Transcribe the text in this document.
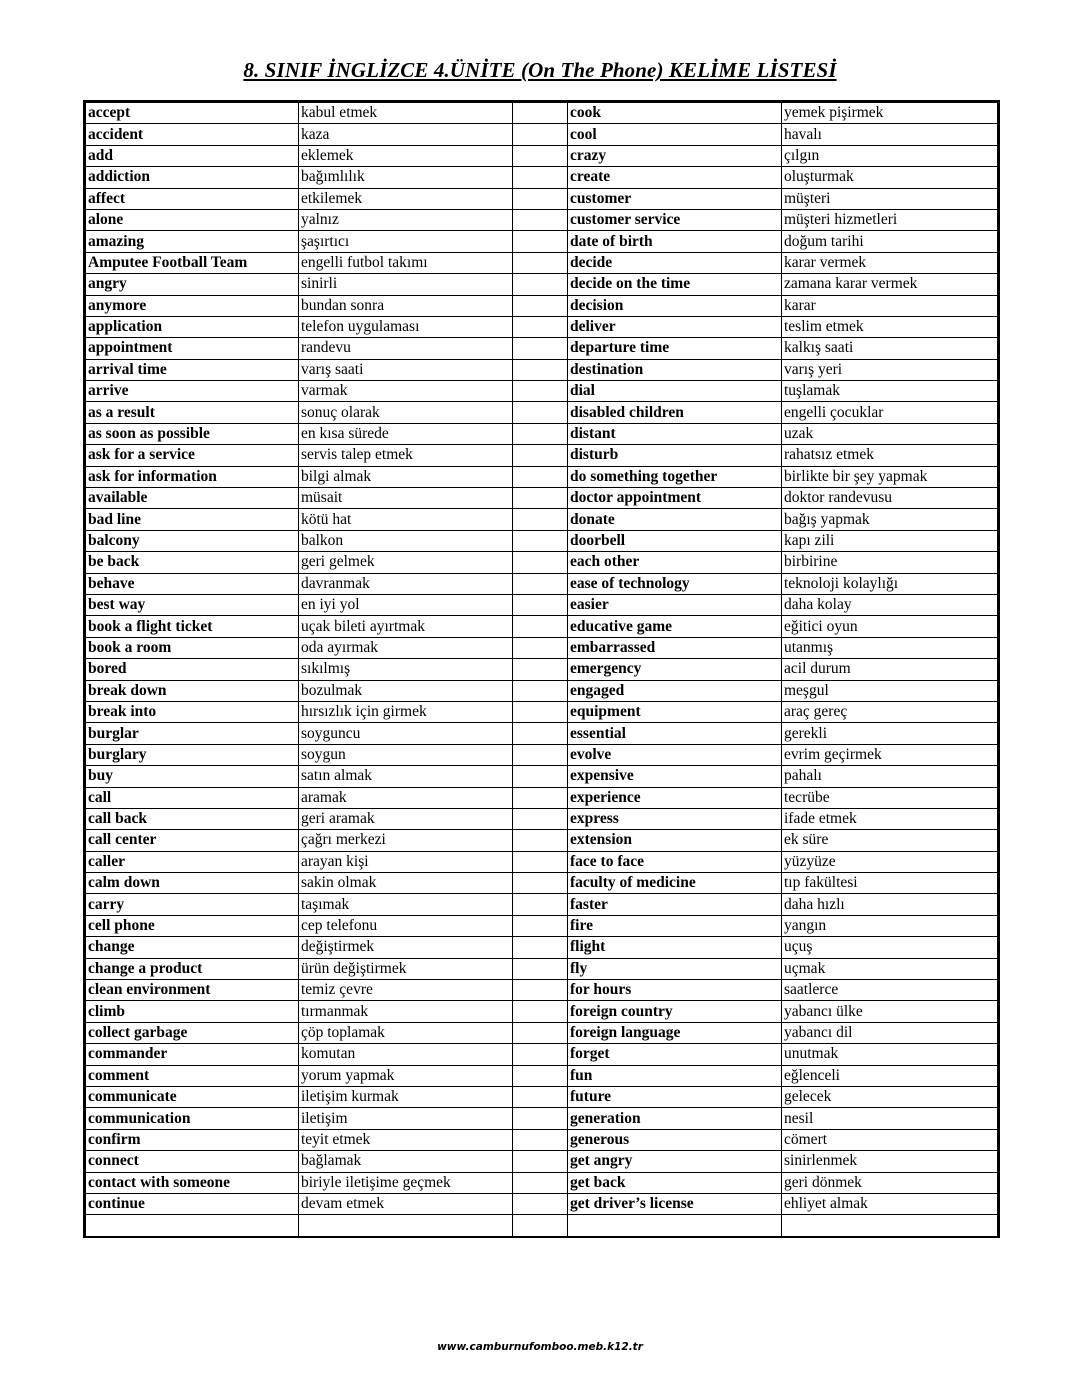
8. SINIF İNGLİZCE 4.ÜNİTE (On The Phone) KELİME LİSTESİ
accept	kabul etmek		cook	yemek pişirmek
accident	kaza		cool	havalı
add	eklemek		crazy	çılgın
addiction	bağımlılık		create	oluşturmak
affect	etkilemek		customer	müşteri
alone	yalnız		customer service	müşteri hizmetleri
amazing	şaşırtıcı		date of birth	doğum tarihi
Amputee Football Team	engelli futbol takımı		decide	karar vermek
angry	sinirli		decide on the time	zamana karar vermek
anymore	bundan sonra		decision	karar
application	telefon uygulaması		deliver	teslim etmek
appointment	randevu		departure time	kalkış saati
arrival time	varış saati		destination	varış yeri
arrive	varmak		dial	tuşlamak
as a result	sonuç olarak		disabled children	engelli çocuklar
as soon as possible	en kısa sürede		distant	uzak
ask for a service	servis talep etmek		disturb	rahatsız etmek
ask for information	bilgi almak		do something together	birlikte bir şey yapmak
available	müsait		doctor appointment	doktor randevusu
bad line	kötü hat		donate	bağış yapmak
balcony	balkon		doorbell	kapı zili
be back	geri gelmek		each other	birbirine
behave	davranmak		ease of technology	teknoloji kolaylığı
best way	en iyi yol		easier	daha kolay
book a flight ticket	uçak bileti ayırtmak		educative game	eğitici oyun
book a room	oda ayırmak		embarrassed	utanmış
bored	sıkılmış		emergency	acil durum
break down	bozulmak		engaged	meşgul
break into	hırsızlık için girmek		equipment	araç gereç
burglar	soyguncu		essential	gerekli
burglary	soygun		evolve	evrim geçirmek
buy	satın almak		expensive	pahalı
call	aramak		experience	tecrübe
call back	geri aramak		express	ifade etmek
call center	çağrı merkezi		extension	ek süre
caller	arayan kişi		face to face	yüzyüze
calm down	sakin olmak		faculty of medicine	tıp fakültesi
carry	taşımak		faster	daha hızlı
cell phone	cep telefonu		fire	yangın
change	değiştirmek		flight	uçuş
change a product	ürün değiştirmek		fly	uçmak
clean environment	temiz çevre		for hours	saatlerce
climb	tırmanmak		foreign country	yabancı ülke
collect garbage	çöp toplamak		foreign language	yabancı dil
commander	komutan		forget	unutmak
comment	yorum yapmak		fun	eğlenceli
communicate	iletişim kurmak		future	gelecek
communication	iletişim		generation	nesil
confirm	teyit etmek		generous	cömert
connect	bağlamak		get angry	sinirlenmek
contact with someone	biriyle iletişime geçmek		get back	geri dönmek
continue	devam etmek		get driver’s license	ehliyet almak

www.camburnufomboo.meb.k12.tr
